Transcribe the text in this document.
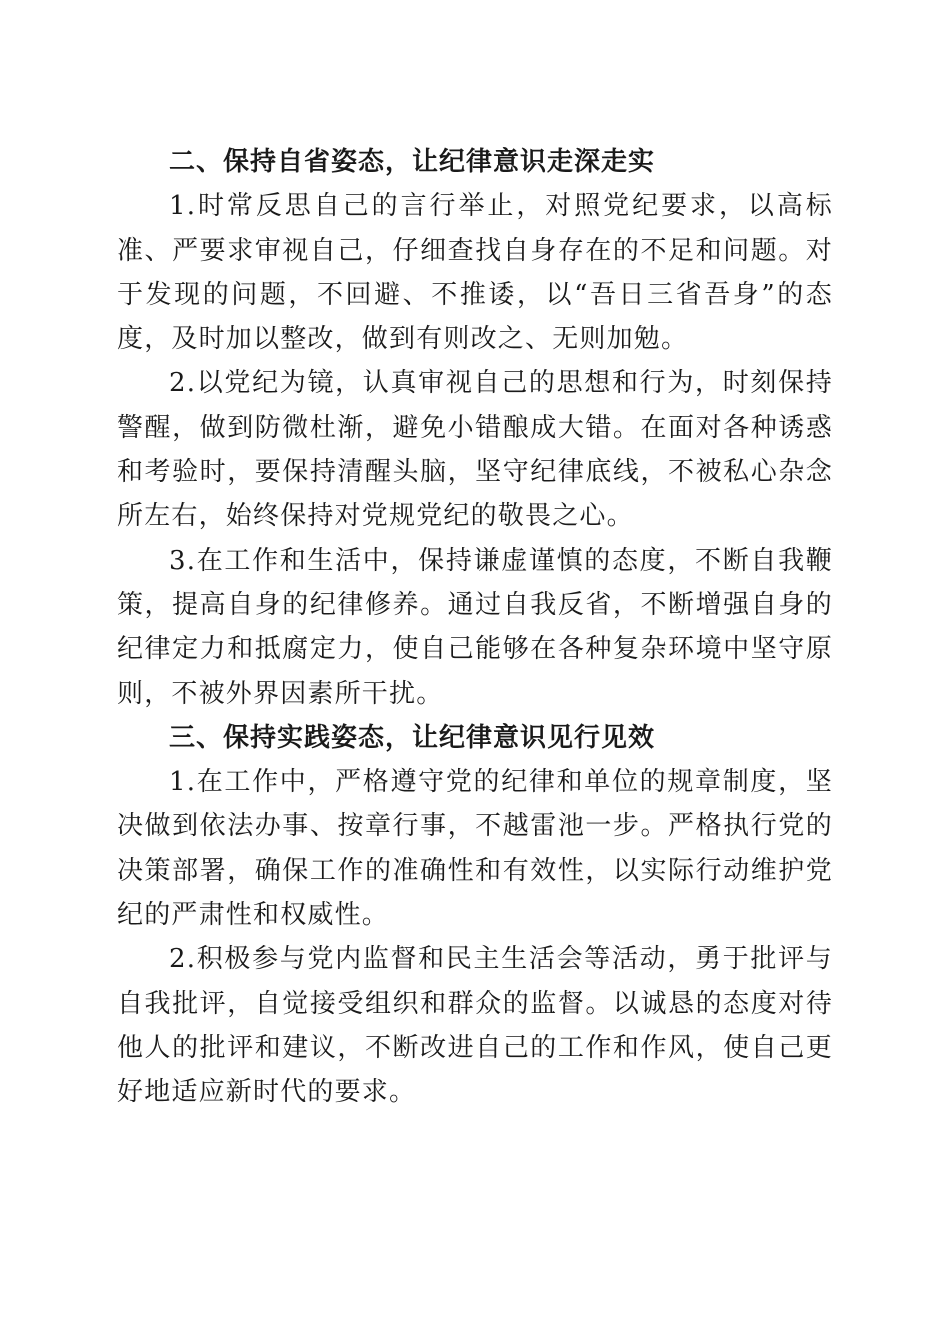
二、保持自省姿态，让纪律意识走深走实

1.时常反思自己的言行举止，对照党纪要求，以高标准、严要求审视自己，仔细查找自身存在的不足和问题。对于发现的问题，不回避、不推诿，以“吾日三省吾身”的态度，及时加以整改，做到有则改之、无则加勉。

2.以党纪为镜，认真审视自己的思想和行为，时刻保持警醒，做到防微杜渐，避免小错酿成大错。在面对各种诱惑和考验时，要保持清醒头脑，坚守纪律底线，不被私心杂念所左右，始终保持对党规党纪的敬畏之心。

3.在工作和生活中，保持谦虚谨慎的态度，不断自我鞭策，提高自身的纪律修养。通过自我反省，不断增强自身的纪律定力和抵腐定力，使自己能够在各种复杂环境中坚守原则，不被外界因素所干扰。

三、保持实践姿态，让纪律意识见行见效

1.在工作中，严格遵守党的纪律和单位的规章制度，坚决做到依法办事、按章行事，不越雷池一步。严格执行党的决策部署，确保工作的准确性和有效性，以实际行动维护党纪的严肃性和权威性。

2.积极参与党内监督和民主生活会等活动，勇于批评与自我批评，自觉接受组织和群众的监督。以诚恳的态度对待他人的批评和建议，不断改进自己的工作和作风，使自己更好地适应新时代的要求。
